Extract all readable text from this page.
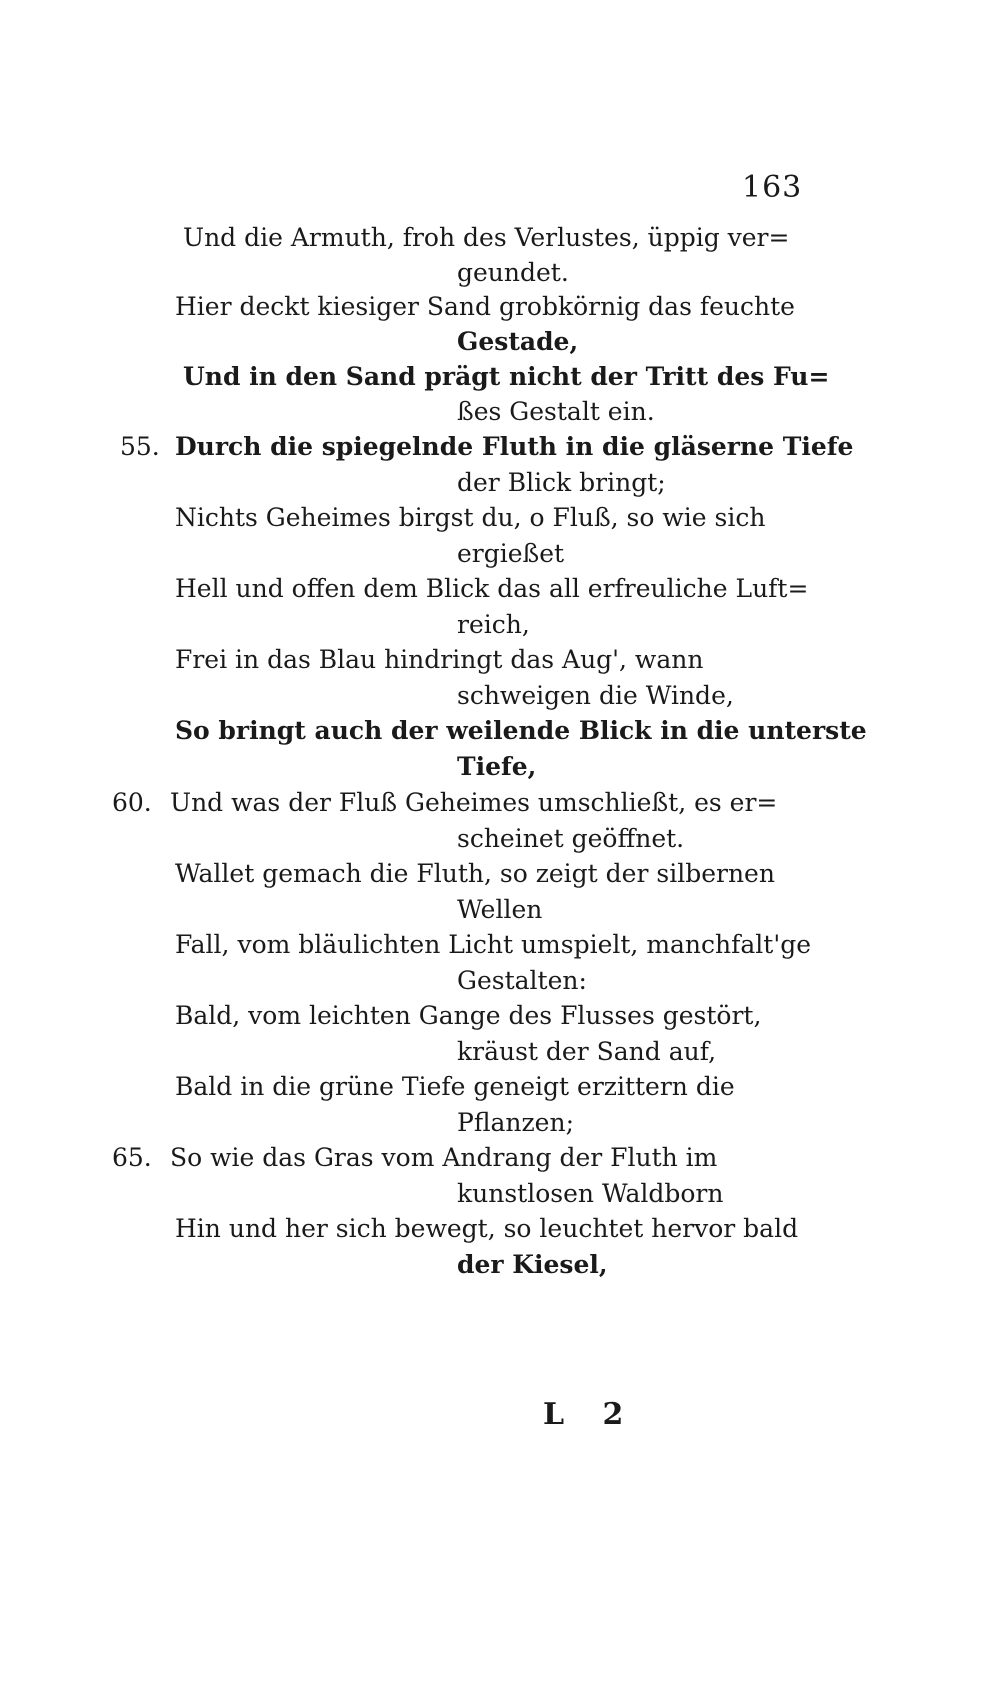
163
Und die Armuth, froh des Verlustes, üppig ver=
geundet.
Hier deckt kiesiger Sand grobkörnig das feuchte
Gestade,
Und in den Sand prägt nicht der Tritt des Fu=
ßes Gestalt ein.
55. Durch die spiegelnde Fluth in die gläserne Tiefe
der Blick bringt;
Nichts Geheimes birgst du, o Fluß, so wie sich
ergießet
Hell und offen dem Blick das all erfreuliche Luft=
reich,
Frei in das Blau hindringt das Aug', wann
schweigen die Winde,
So bringt auch der weilende Blick in die unterste
Tiefe,
60. Und was der Fluß Geheimes umschließt, es er=
scheinet geöffnet.
Wallet gemach die Fluth, so zeigt der silbernen
Wellen
Fall, vom bläulichten Licht umspielt, manchfalt'ge
Gestalten:
Bald, vom leichten Gange des Flusses gestört,
kräust der Sand auf,
Bald in die grüne Tiefe geneigt erzittern die
Pflanzen;
65. So wie das Gras vom Andrang der Fluth im
kunstlosen Waldborn
Hin und her sich bewegt, so leuchtet hervor bald
der Kiesel,
L 2
